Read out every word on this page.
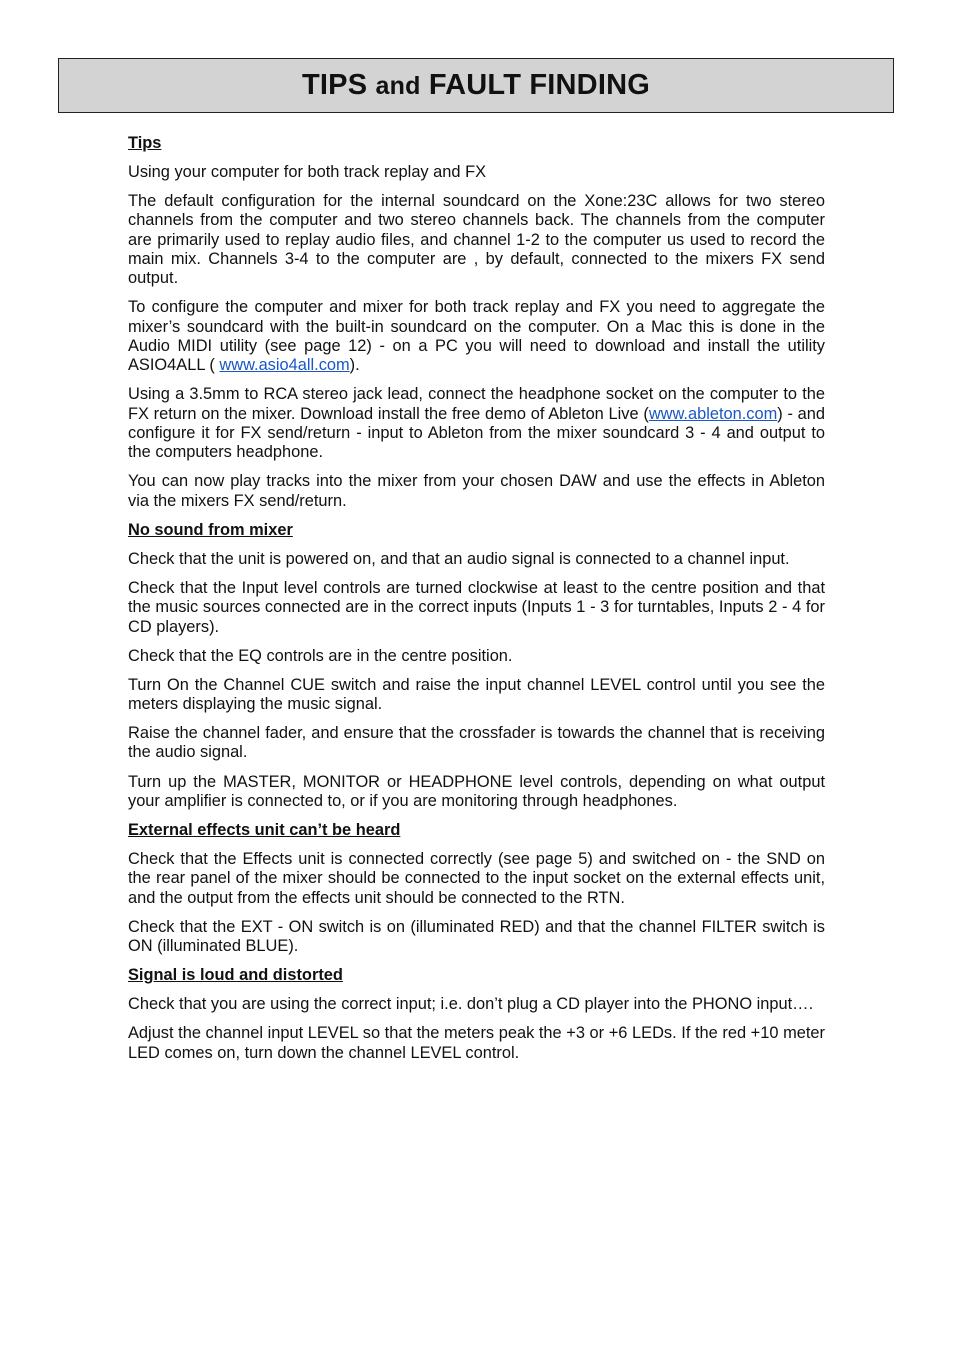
TIPS and FAULT FINDING
Tips

Using your computer for both track replay and FX

The default configuration for the internal soundcard on the Xone:23C allows for two stereo channels from the computer and two stereo channels back. The channels from the computer are primarily used to replay audio files, and channel 1-2 to the computer us used to record the main mix. Channels 3-4 to the computer are , by default, connected to the mixers FX send output.

To configure the computer and mixer for both track replay and FX you need to aggregate the mixer’s soundcard with the built-in soundcard on the computer. On a Mac this is done in the Audio MIDI utility (see page 12) - on a PC you will need to download and install the utility ASIO4ALL ( www.asio4all.com).

Using a 3.5mm to RCA stereo jack lead, connect the headphone socket on the computer to the FX return on the mixer. Download install the free demo of Ableton Live (www.ableton.com) - and configure it for FX send/return - input to Ableton from the mixer soundcard 3 - 4 and output to the computers headphone.

You can now play tracks into the mixer from your chosen DAW and use the effects in Ableton via the mixers FX send/return.

No sound from mixer

Check that the unit is powered on, and that an audio signal is connected to a channel input.

Check that the Input level controls are turned clockwise at least to the centre position and that the music sources connected are in the correct inputs (Inputs 1 - 3 for turntables, Inputs 2 - 4 for CD players).

Check that the EQ controls are in the centre position.

Turn On the Channel CUE switch and raise the input channel LEVEL control until you see the meters displaying the music signal.

Raise the channel fader, and ensure that the crossfader is towards the channel that is receiving the audio signal.

Turn up the MASTER, MONITOR or HEADPHONE level controls, depending on what output your amplifier is connected to, or if you are monitoring through headphones.

External effects unit can’t be heard

Check that the Effects unit is connected correctly (see page 5) and switched on - the SND on the rear panel of the mixer should be connected to the input socket on the external effects unit, and the output from the effects unit should be connected to the RTN.

Check that the EXT - ON switch is on (illuminated RED) and that the channel FILTER switch is ON (illuminated BLUE).

Signal is loud and distorted

Check that you are using the correct input; i.e. don’t plug a CD player into the PHONO input….

Adjust the channel input LEVEL so that the meters peak the +3 or +6 LEDs. If the red +10 meter LED comes on, turn down the channel LEVEL control.
